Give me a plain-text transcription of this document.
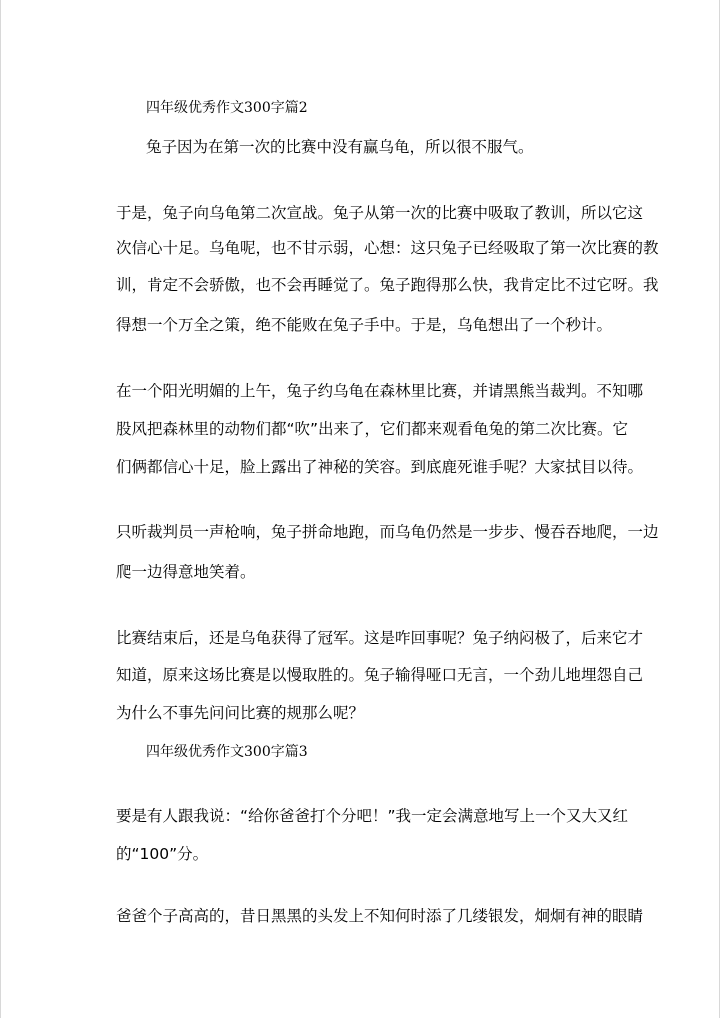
四年级优秀作文300字篇2
兔子因为在第一次的比赛中没有赢乌龟，所以很不服气。
于是，兔子向乌龟第二次宣战。兔子从第一次的比赛中吸取了教训，所以它这
次信心十足。乌龟呢，也不甘示弱，心想：这只兔子已经吸取了第一次比赛的教
训，肯定不会骄傲，也不会再睡觉了。兔子跑得那么快，我肯定比不过它呀。我
得想一个万全之策，绝不能败在兔子手中。于是，乌龟想出了一个秒计。
在一个阳光明媚的上午，兔子约乌龟在森林里比赛，并请黑熊当裁判。不知哪
股风把森林里的动物们都“吹”出来了，它们都来观看龟兔的第二次比赛。它
们俩都信心十足，脸上露出了神秘的笑容。到底鹿死谁手呢？大家拭目以待。
只听裁判员一声枪响，兔子拼命地跑，而乌龟仍然是一步步、慢吞吞地爬，一边
爬一边得意地笑着。
比赛结束后，还是乌龟获得了冠军。这是咋回事呢？兔子纳闷极了，后来它才
知道，原来这场比赛是以慢取胜的。兔子输得哑口无言，一个劲儿地埋怨自己
为什么不事先问问比赛的规那么呢？
四年级优秀作文300字篇3
要是有人跟我说：“给你爸爸打个分吧！”我一定会满意地写上一个又大又红
的“100”分。
爸爸个子高高的，昔日黑黑的头发上不知何时添了几缕银发，炯炯有神的眼睛
